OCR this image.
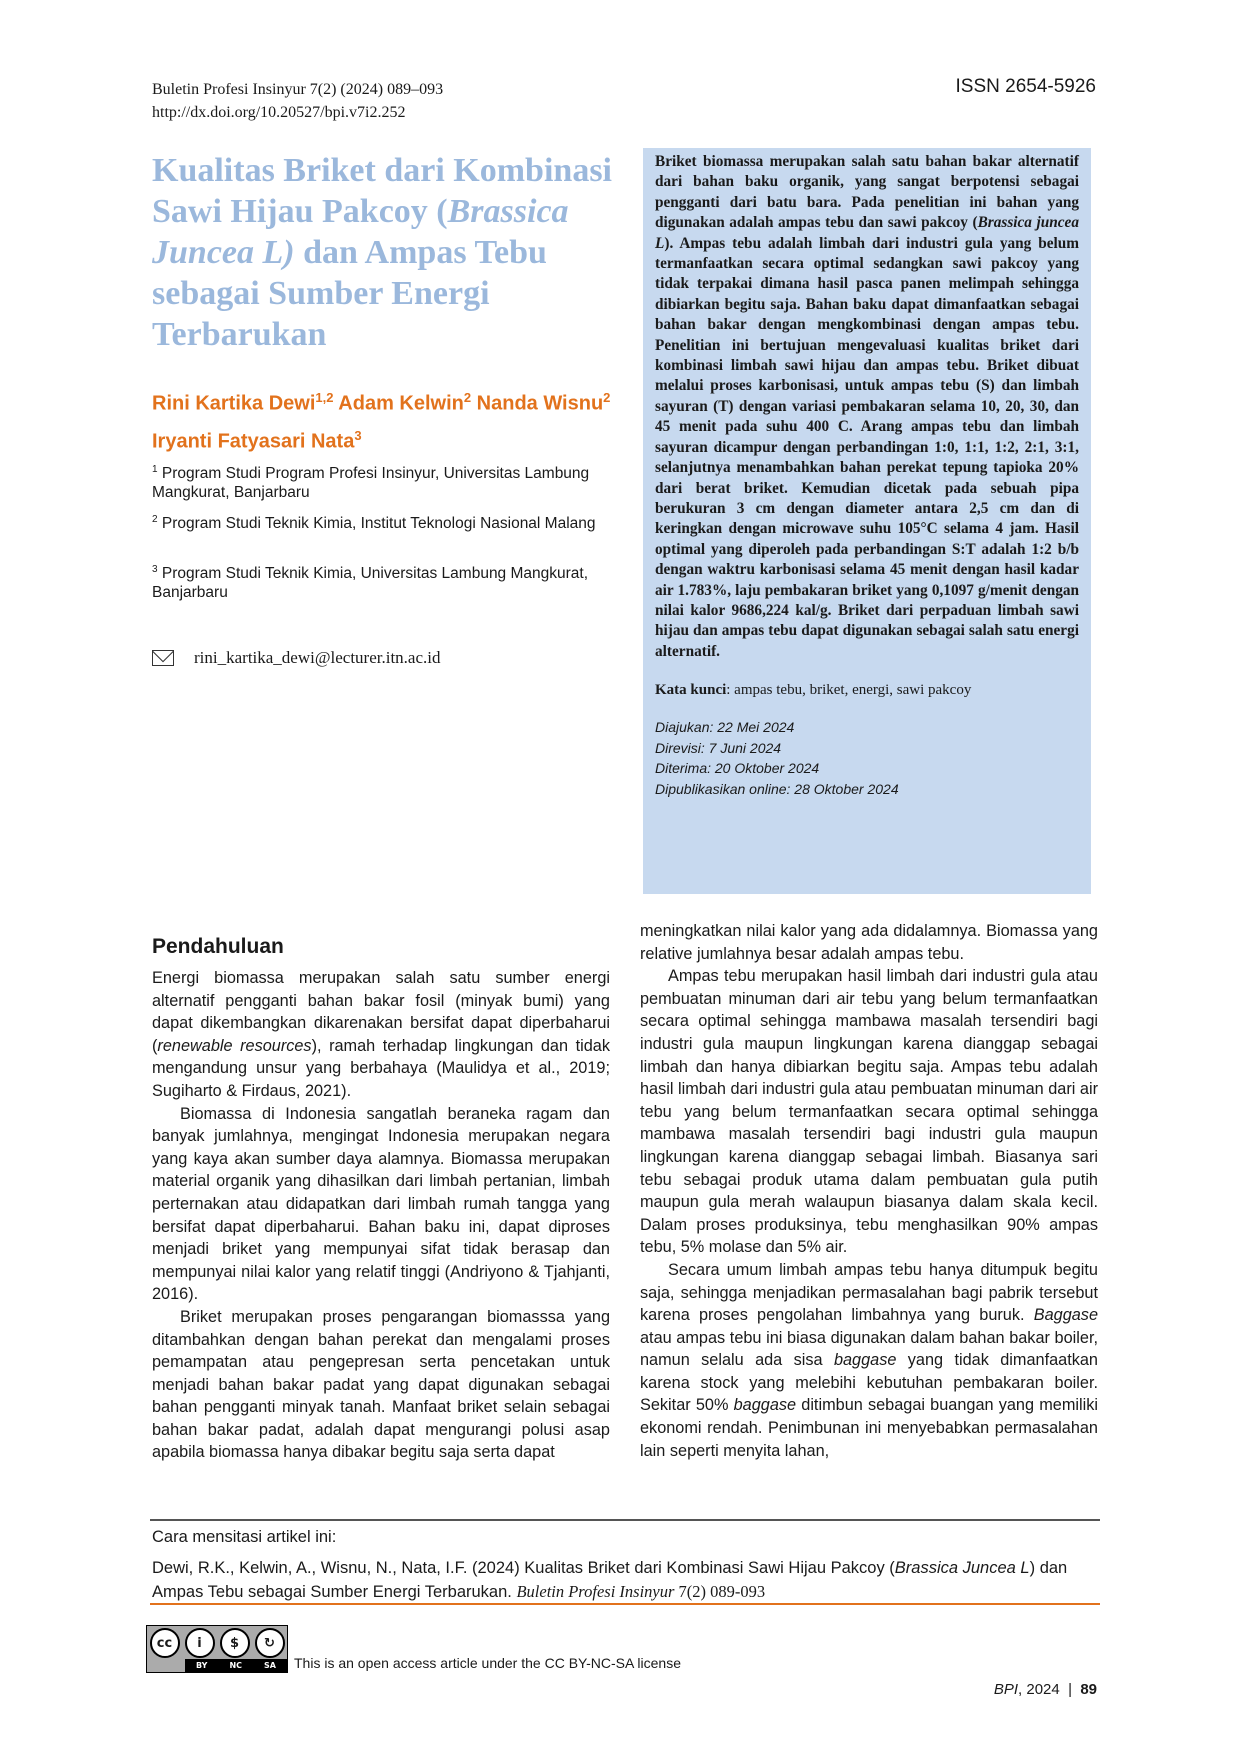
Buletin Profesi Insinyur 7(2) (2024) 089–093
http://dx.doi.org/10.20527/bpi.v7i2.252
ISSN 2654-5926
Kualitas Briket dari Kombinasi Sawi Hijau Pakcoy (Brassica Juncea L) dan Ampas Tebu sebagai Sumber Energi Terbarukan
Rini Kartika Dewi$^{1,2}$ Adam Kelwin$^2$ Nanda Wisnu$^2$ Iryanti Fatyasari Nata$^3$
$^1$ Program Studi Program Profesi Insinyur, Universitas Lambung Mangkurat, Banjarbaru
$^2$ Program Studi Teknik Kimia, Institut Teknologi Nasional Malang
$^3$ Program Studi Teknik Kimia, Universitas Lambung Mangkurat, Banjarbaru
rini_kartika_dewi@lecturer.itn.ac.id
Briket biomassa merupakan salah satu bahan bakar alternatif dari bahan baku organik, yang sangat berpotensi sebagai pengganti dari batu bara. Pada penelitian ini bahan yang digunakan adalah ampas tebu dan sawi pakcoy (Brassica juncea L). Ampas tebu adalah limbah dari industri gula yang belum termanfaatkan secara optimal sedangkan sawi pakcoy yang tidak terpakai dimana hasil pasca panen melimpah sehingga dibiarkan begitu saja. Bahan baku dapat dimanfaatkan sebagai bahan bakar dengan mengkombinasi dengan ampas tebu. Penelitian ini bertujuan mengevaluasi kualitas briket dari kombinasi limbah sawi hijau dan ampas tebu. Briket dibuat melalui proses karbonisasi, untuk ampas tebu (S) dan limbah sayuran (T) dengan variasi pembakaran selama 10, 20, 30, dan 45 menit pada suhu 400 C. Arang ampas tebu dan limbah sayuran dicampur dengan perbandingan 1:0, 1:1, 1:2, 2:1, 3:1, selanjutnya menambahkan bahan perekat tepung tapioka 20% dari berat briket. Kemudian dicetak pada sebuah pipa berukuran 3 cm dengan diameter antara 2,5 cm dan di keringkan dengan microwave suhu 105°C selama 4 jam. Hasil optimal yang diperoleh pada perbandingan S:T adalah 1:2 b/b dengan waktru karbonisasi selama 45 menit dengan hasil kadar air 1.783%, laju pembakaran briket yang 0,1097 g/menit dengan nilai kalor 9686,224 kal/g. Briket dari perpaduan limbah sawi hijau dan ampas tebu dapat digunakan sebagai salah satu energi alternatif.
Kata kunci: ampas tebu, briket, energi, sawi pakcoy
Diajukan: 22 Mei 2024
Direvisi: 7 Juni 2024
Diterima: 20 Oktober 2024
Dipublikasikan online: 28 Oktober 2024
Pendahuluan

Energi biomassa merupakan salah satu sumber energi alternatif pengganti bahan bakar fosil (minyak bumi) yang dapat dikembangkan dikarenakan bersifat dapat diperbaharui (renewable resources), ramah terhadap lingkungan dan tidak mengandung unsur yang berbahaya (Maulidya et al., 2019; Sugiharto & Firdaus, 2021).

Biomassa di Indonesia sangatlah beraneka ragam dan banyak jumlahnya, mengingat Indonesia merupakan negara yang kaya akan sumber daya alamnya. Biomassa merupakan material organik yang dihasilkan dari limbah pertanian, limbah perternakan atau didapatkan dari limbah rumah tangga yang bersifat dapat diperbaharui. Bahan baku ini, dapat diproses menjadi briket yang mempunyai sifat tidak berasap dan mempunyai nilai kalor yang relatif tinggi (Andriyono & Tjahjanti, 2016).

Briket merupakan proses pengarangan biomasssa yang ditambahkan dengan bahan perekat dan mengalami proses pemampatan atau pengepresan serta pencetakan untuk menjadi bahan bakar padat yang dapat digunakan sebagai bahan pengganti minyak tanah. Manfaat briket selain sebagai bahan bakar padat, adalah dapat mengurangi polusi asap apabila biomassa hanya dibakar begitu saja serta dapat

meningkatkan nilai kalor yang ada didalamnya. Biomassa yang relative jumlahnya besar adalah ampas tebu.

Ampas tebu merupakan hasil limbah dari industri gula atau pembuatan minuman dari air tebu yang belum termanfaatkan secara optimal sehingga mambawa masalah tersendiri bagi industri gula maupun lingkungan karena dianggap sebagai limbah dan hanya dibiarkan begitu saja. Ampas tebu adalah hasil limbah dari industri gula atau pembuatan minuman dari air tebu yang belum termanfaatkan secara optimal sehingga mambawa masalah tersendiri bagi industri gula maupun lingkungan karena dianggap sebagai limbah. Biasanya sari tebu sebagai produk utama dalam pembuatan gula putih maupun gula merah walaupun biasanya dalam skala kecil. Dalam proses produksinya, tebu menghasilkan 90% ampas tebu, 5% molase dan 5% air.

Secara umum limbah ampas tebu hanya ditumpuk begitu saja, sehingga menjadikan permasalahan bagi pabrik tersebut karena proses pengolahan limbahnya yang buruk. Baggase atau ampas tebu ini biasa digunakan dalam bahan bakar boiler, namun selalu ada sisa baggase yang tidak dimanfaatkan karena stock yang melebihi kebutuhan pembakaran boiler. Sekitar 50% baggase ditimbun sebagai buangan yang memiliki ekonomi rendah. Penimbunan ini menyebabkan permasalahan lain seperti menyita lahan,

Cara mensitasi artikel ini:
Dewi, R.K., Kelwin, A., Wisnu, N., Nata, I.F. (2024) Kualitas Briket dari Kombinasi Sawi Hijau Pakcoy (Brassica Juncea L) dan Ampas Tebu sebagai Sumber Energi Terbarukan. Buletin Profesi Insinyur 7(2) 089-093
cc	i	$	↻
BY	NC	SA This is an open access article under the CC BY-NC-SA license
BPI, 2024  |  89
